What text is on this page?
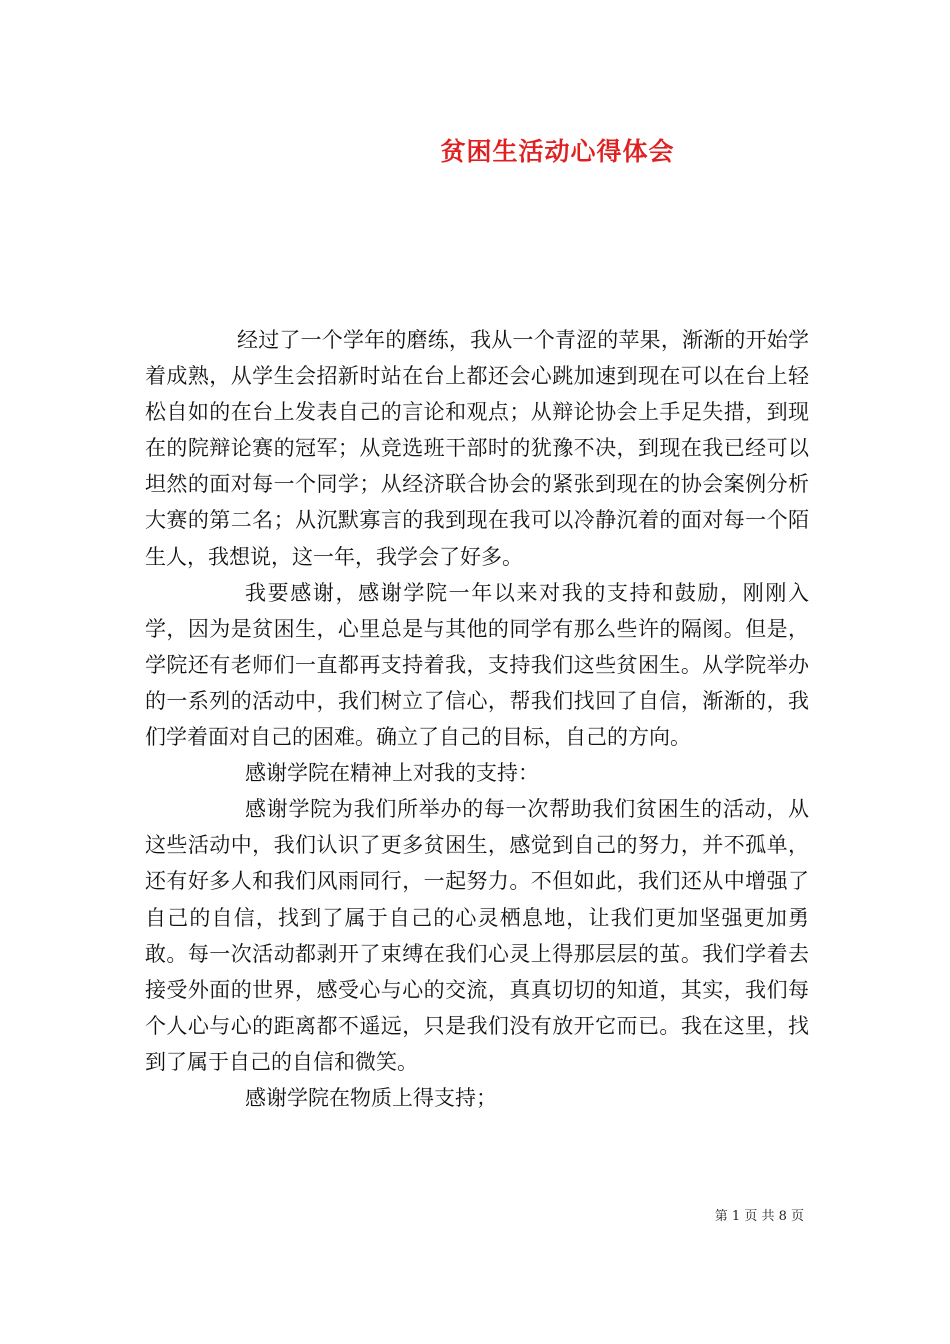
贫困生活动心得体会

经过了一个学年的磨练，我从一个青涩的苹果，渐渐的开始学着成熟，从学生会招新时站在台上都还会心跳加速到现在可以在台上轻松自如的在台上发表自己的言论和观点；从辩论协会上手足失措，到现在的院辩论赛的冠军；从竞选班干部时的犹豫不决，到现在我已经可以坦然的面对每一个同学；从经济联合协会的紧张到现在的协会案例分析大赛的第二名；从沉默寡言的我到现在我可以冷静沉着的面对每一个陌生人，我想说，这一年，我学会了好多。

我要感谢，感谢学院一年以来对我的支持和鼓励，刚刚入学，因为是贫困生，心里总是与其他的同学有那么些许的隔阂。但是，学院还有老师们一直都再支持着我，支持我们这些贫困生。从学院举办的一系列的活动中，我们树立了信心，帮我们找回了自信，渐渐的，我们学着面对自己的困难。确立了自己的目标，自己的方向。

感谢学院在精神上对我的支持：

感谢学院为我们所举办的每一次帮助我们贫困生的活动，从这些活动中，我们认识了更多贫困生，感觉到自己的努力，并不孤单，还有好多人和我们风雨同行，一起努力。不但如此，我们还从中增强了自己的自信，找到了属于自己的心灵栖息地，让我们更加坚强更加勇敢。每一次活动都剥开了束缚在我们心灵上得那层层的茧。我们学着去接受外面的世界，感受心与心的交流，真真切切的知道，其实，我们每个人心与心的距离都不遥远，只是我们没有放开它而已。我在这里，找到了属于自己的自信和微笑。

感谢学院在物质上得支持；

第 1 页 共 8 页
